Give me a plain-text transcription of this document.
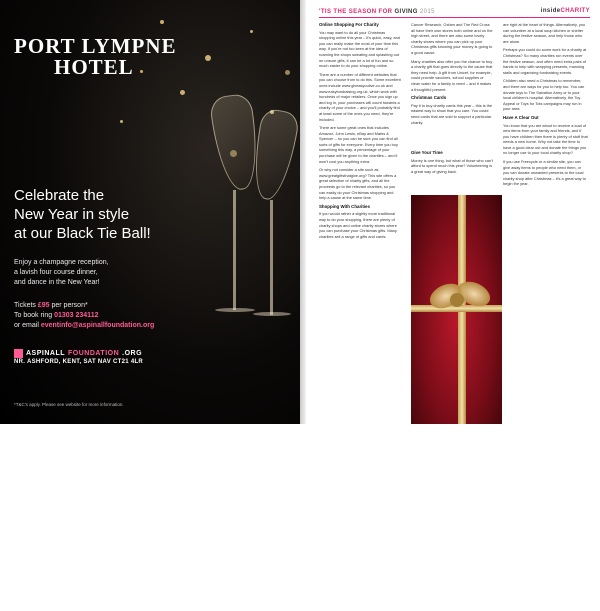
PORT LYMPNE
HOTEL
Celebrate the
New Year in style
at our Black Tie Ball!
Enjoy a champagne reception,
a lavish four course dinner,
and dance in the New Year!
Tickets £95 per person*
To book ring 01303 234112
or email eventinfo@aspinallfoundation.org
ASPINALL FOUNDATION .ORG
NR. ASHFORD, KENT, SAT NAV CT21 4LR
*T&C's apply. Please see website for more information.
'TIS THE SEASON FOR GIVING 2015	insideCHARITY
Online Shopping For Charity

You may want to do all your Christmas shopping online this year – it's quick, easy, and you can really make the most of your time this way. If you're not too keen at the idea of roaming the shops sweating and splashing out on unsure gifts, it can be a lot of fun and so much easier to do your shopping online.

There are a number of different websites that you can choose from to do this. Some excellent ones include www.giveasyoulive.co.uk and www.easyfundraising.org.uk, which work with hundreds of major retailers. Once you sign up and log in, your purchases will count towards a charity of your choice – and you'll probably find at least some of the ones you need, they're included.

There are some great ones that includes Amazon, John Lewis, eBay and Marks & Spencer – so you can be sure you can find all sorts of gifts for everyone. Every time you buy something this way, a percentage of your purchase will be given to the charities – and it won't cost you anything extra.

Or why not consider a site such as www.greatgiftsthatgive.org? This site offers a great selection of charity gifts, and all the proceeds go to the relevant charities, so you can easily do your Christmas shopping and help a cause at the same time.

Shopping With Charities

If you would rather a slightly more traditional way to do your shopping, there are plenty of charity shops and online charity stores where you can purchase your Christmas gifts. Many charities sell a range of gifts and cards.

Cancer Research, Oxfam and The Red Cross all have their own stores both online and on the high street, and there are also some lovely charity stores where you can pick up your Christmas gifts knowing your money is going to a good cause.

Many charities also offer you the chance to buy a charity gift that goes directly to the cause that they need help. A gift from Unicef, for example, could provide vaccines, school supplies or clean water for a family in need – and it makes a thoughtful present.

Christmas Cards

Pay it to buy charity cards this year – this is the easiest way to show that you care. You could send cards that are sold to support a particular charity.

Give Your Time

Money is one thing, but what of those who can't afford to spend much this year? Volunteering is a great way of giving back.

are right at the heart of things. Alternatively, you can volunteer at a local soup kitchen or shelter during the festive season, and help those who are alone.

Perhaps you could do some work for a charity at Christmas? So many charities run events over the festive season, and often need extra pairs of hands to help with wrapping presents, manning stalls and organising fundraising events.

Children also need a Christmas to remember, and there are ways for you to help too. You can donate toys to The Salvation Army or to your local children's hospital. Alternatively, the Toy Appeal or Toys for Tots campaigns may run in your area.

Have A Clear Out

You know that you are about to receive a load of new items from your family and friends, and if you have children then there is plenty of stuff that needs a new home. Why not take the time to have a good clear out and donate the things you no longer use to your local charity shop?

If you use Freecycle or a similar site, you can give away items to people who need them, or you can donate unwanted presents to the local charity shop after Christmas – it's a great way to begin the year.

107
